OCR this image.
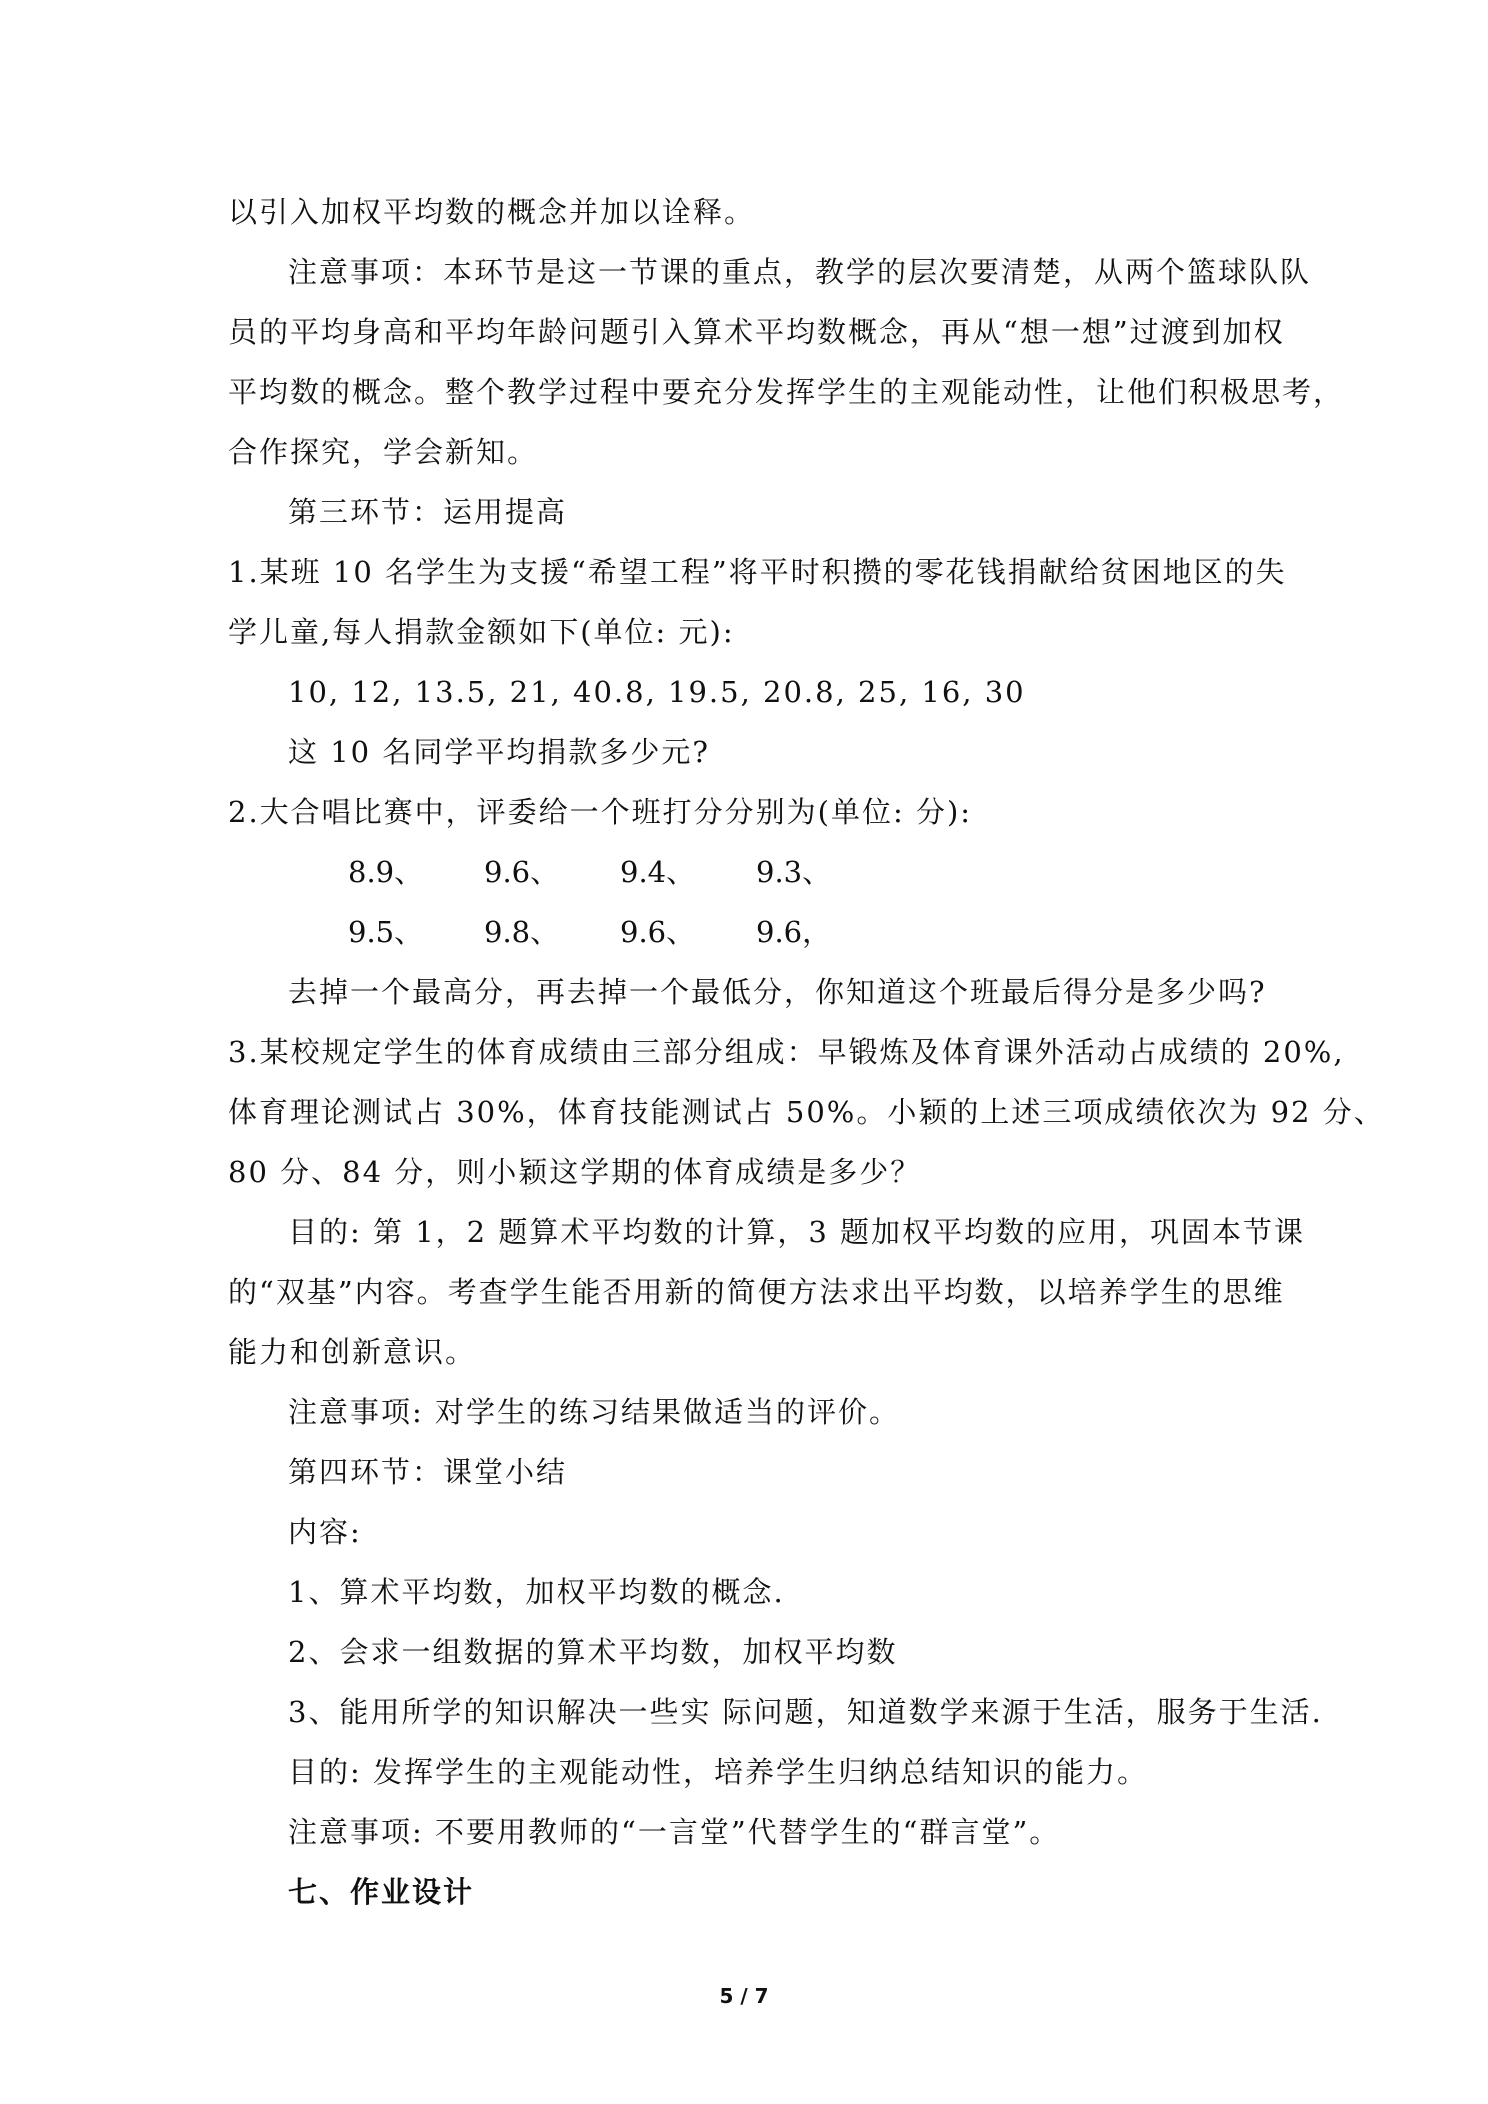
以引入加权平均数的概念并加以诠释。
注意事项：本环节是这一节课的重点，教学的层次要清楚，从两个篮球队队
员的平均身高和平均年龄问题引入算术平均数概念，再从“想一想”过渡到加权
平均数的概念。整个教学过程中要充分发挥学生的主观能动性，让他们积极思考，
合作探究，学会新知。
第三环节：运用提高
1.某班 10 名学生为支援“希望工程”将平时积攒的零花钱捐献给贫困地区的失
学儿童,每人捐款金额如下(单位: 元):
10, 12, 13.5, 21, 40.8, 19.5, 20.8, 25, 16, 30
这 10 名同学平均捐款多少元?
2.大合唱比赛中，评委给一个班打分分别为(单位: 分):
8.9、 9.6、 9.4、 9.3、
9.5、 9.8、 9.6、 9.6，
去掉一个最高分，再去掉一个最低分，你知道这个班最后得分是多少吗?
3.某校规定学生的体育成绩由三部分组成：早锻炼及体育课外活动占成绩的 20%,
体育理论测试占 30%，体育技能测试占 50%。小颖的上述三项成绩依次为 92 分、
80 分、84 分，则小颖这学期的体育成绩是多少？
目的: 第 1，2 题算术平均数的计算，3 题加权平均数的应用，巩固本节课
的“双基”内容。考查学生能否用新的简便方法求出平均数，以培养学生的思维
能力和创新意识。
注意事项: 对学生的练习结果做适当的评价。
第四环节：课堂小结
内容:
1、算术平均数，加权平均数的概念.
2、会求一组数据的算术平均数，加权平均数
3、能用所学的知识解决一些实 际问题，知道数学来源于生活，服务于生活.
目的: 发挥学生的主观能动性，培养学生归纳总结知识的能力。
注意事项: 不要用教师的“一言堂”代替学生的“群言堂”。
七、作业设计
5 / 7
